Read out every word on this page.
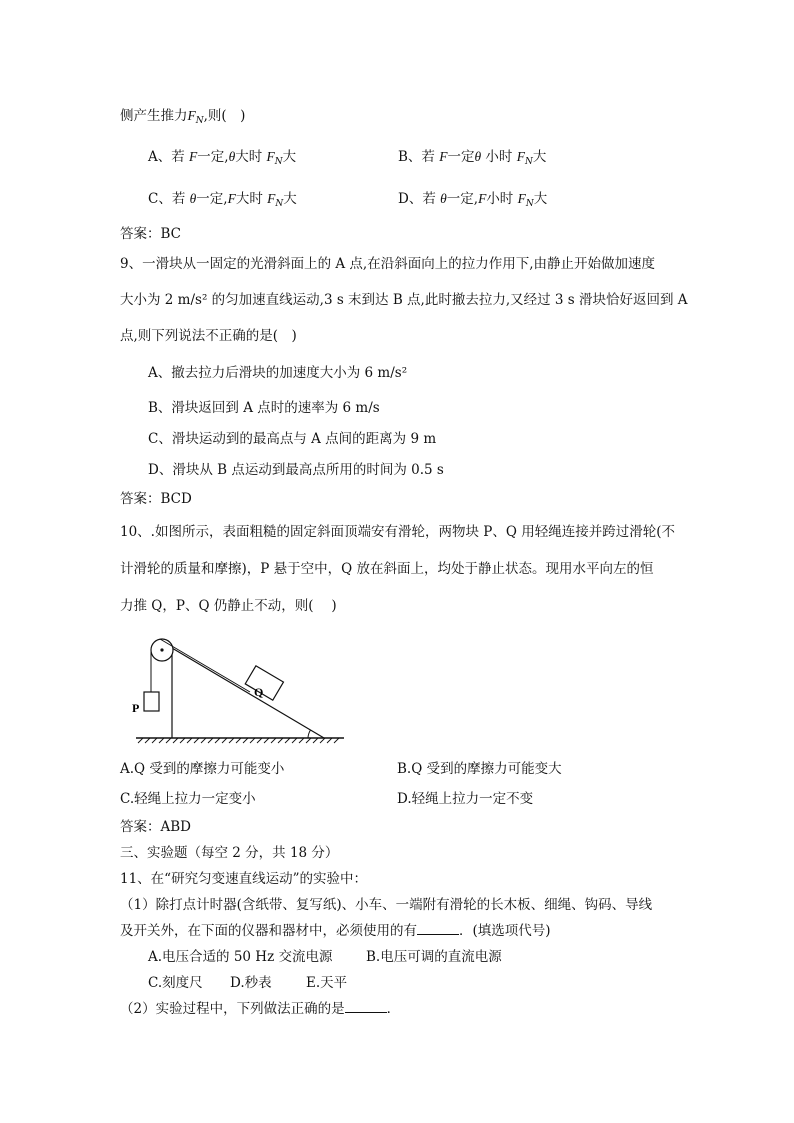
侧产生推力$F_N$,则(　)
A、若 F一定,θ大时 $F_N$大	B、若 F一定θ 小时 $F_N$大
C、若 θ一定,F大时 $F_N$大	D、若 θ一定,F小时 $F_N$大
答案：BC
9、一滑块从一固定的光滑斜面上的 A 点,在沿斜面向上的拉力作用下,由静止开始做加速度
大小为 2 m/s² 的匀加速直线运动,3 s 末到达 B 点,此时撤去拉力,又经过 3 s 滑块恰好返回到 A
点,则下列说法不正确的是(　)
A、撤去拉力后滑块的加速度大小为 6 m/s²
B、滑块返回到 A 点时的速率为 6 m/s
C、滑块运动到的最高点与 A 点间的距离为 9 m
D、滑块从 B 点运动到最高点所用的时间为 0.5 s
答案：BCD
10、.如图所示，表面粗糙的固定斜面顶端安有滑轮，两物块 P、Q 用轻绳连接并跨过滑轮(不
计滑轮的质量和摩擦)，P 悬于空中，Q 放在斜面上，均处于静止状态。现用水平向左的恒
力推 Q，P、Q 仍静止不动，则(　 )
P
Q
A.Q 受到的摩擦力可能变小	B.Q 受到的摩擦力可能变大
C.轻绳上拉力一定变小	D.轻绳上拉力一定不变
答案：ABD
三、实验题（每空 2 分，共 18 分）
11、在“研究匀变速直线运动”的实验中：
（1）除打点计时器(含纸带、复写纸)、小车、一端附有滑轮的长木板、细绳、钩码、导线
及开关外，在下面的仪器和器材中，必须使用的有	．(填选项代号)
A.电压合适的 50 Hz 交流电源 B.电压可调的直流电源
C.刻度尺 D.秒表	E.天平
（2）实验过程中，下列做法正确的是	．
